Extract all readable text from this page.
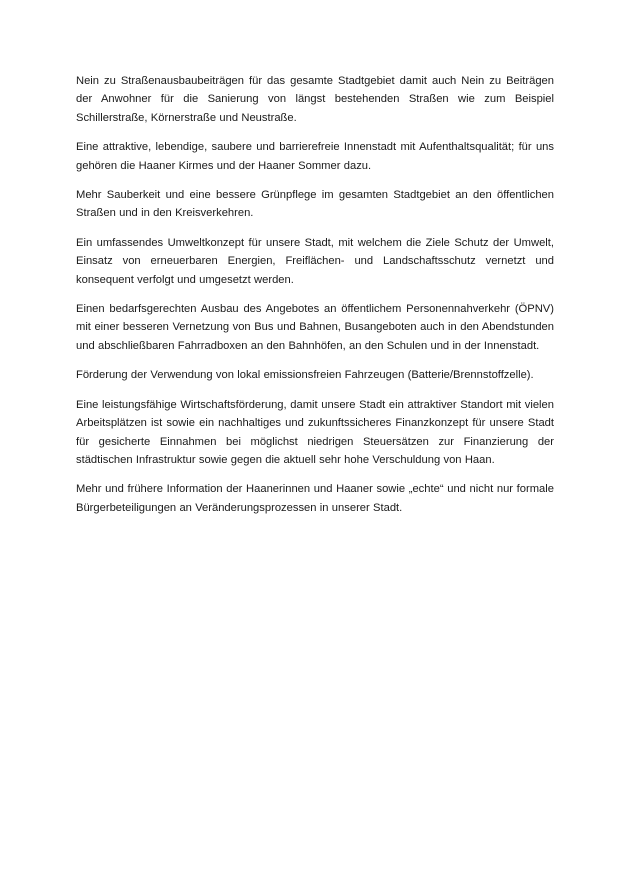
Nein zu Straßenausbaubeiträgen für das gesamte Stadtgebiet damit auch Nein zu Beiträgen der Anwohner für die Sanierung von längst bestehenden Straßen wie zum Beispiel Schillerstraße, Körnerstraße und Neustraße.

Eine attraktive, lebendige, saubere und barrierefreie Innenstadt mit Aufenthaltsqualität; für uns gehören die Haaner Kirmes und der Haaner Sommer dazu.

Mehr Sauberkeit und eine bessere Grünpflege im gesamten Stadtgebiet an den öffentlichen Straßen und in den Kreisverkehren.

Ein umfassendes Umweltkonzept für unsere Stadt, mit welchem die Ziele Schutz der Umwelt, Einsatz von erneuerbaren Energien, Freiflächen- und Landschaftsschutz vernetzt und konsequent verfolgt und umgesetzt werden.

Einen bedarfsgerechten Ausbau des Angebotes an öffentlichem Personennahverkehr (ÖPNV) mit einer besseren Vernetzung von Bus und Bahnen, Busangeboten auch in den Abendstunden und abschließbaren Fahrradboxen an den Bahnhöfen, an den Schulen und in der Innenstadt.

Förderung der Verwendung von lokal emissionsfreien Fahrzeugen (Batterie/Brennstoffzelle).

Eine leistungsfähige Wirtschaftsförderung, damit unsere Stadt ein attraktiver Standort mit vielen Arbeitsplätzen ist sowie ein nachhaltiges und zukunftssicheres Finanzkonzept für unsere Stadt für gesicherte Einnahmen bei möglichst niedrigen Steuersätzen zur Finanzierung der städtischen Infrastruktur sowie gegen die aktuell sehr hohe Verschuldung von Haan.

Mehr und frühere Information der Haanerinnen und Haaner sowie „echte“ und nicht nur formale Bürgerbeteiligungen an Veränderungsprozessen in unserer Stadt.
